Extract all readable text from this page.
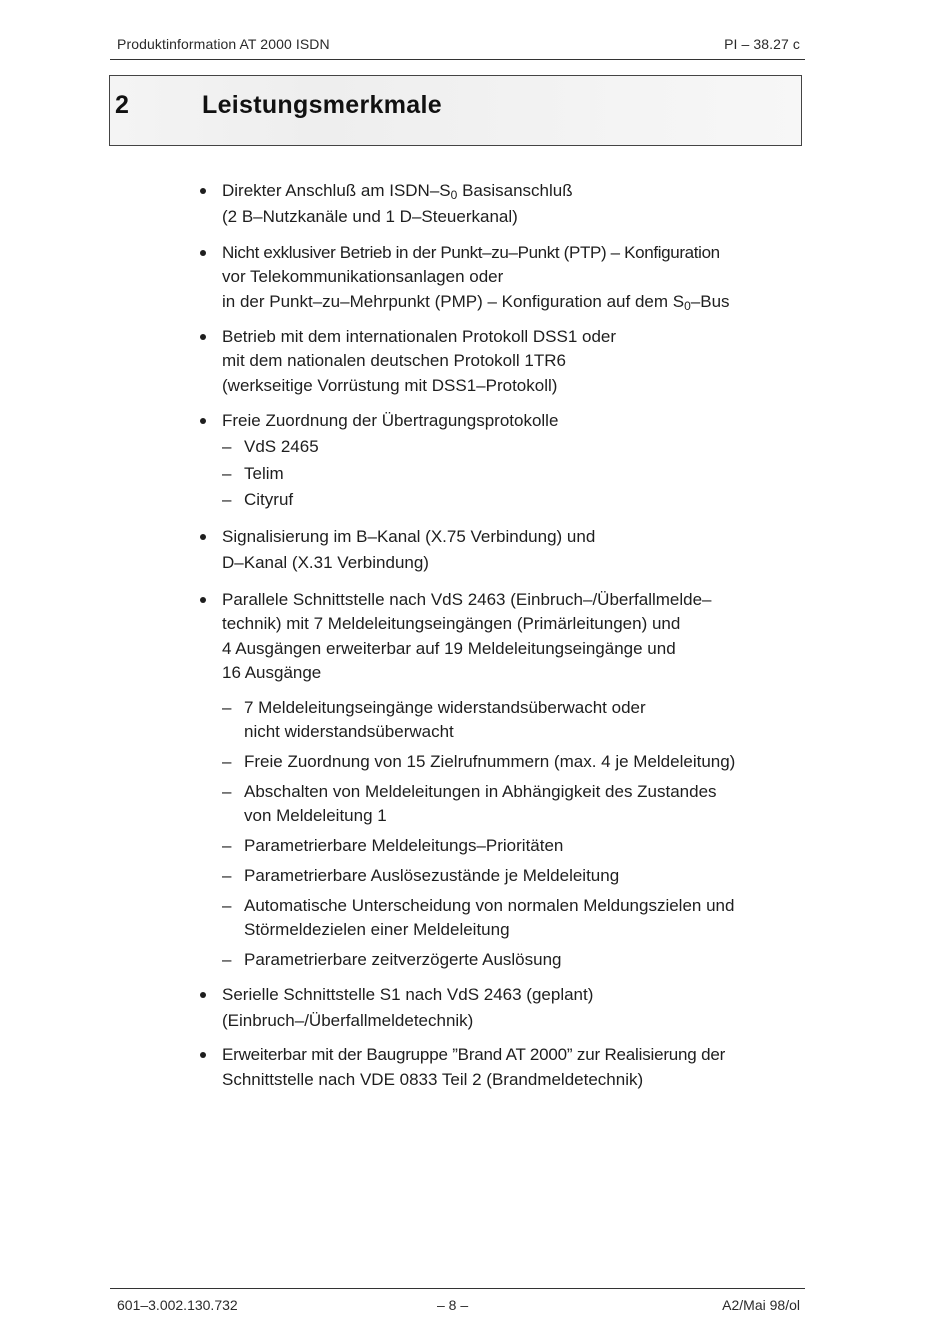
Produktinformation AT 2000 ISDN	PI – 38.27 c
2	Leistungsmerkmale
Direkter Anschluß am ISDN–$S_0$ Basisanschluß
(2 B–Nutzkanäle und 1 D–Steuerkanal)
Nicht exklusiver Betrieb in der Punkt–zu–Punkt (PTP) – Konfiguration
vor Telekommunikationsanlagen oder
in der Punkt–zu–Mehrpunkt (PMP) – Konfiguration auf dem $S_0$–Bus
Betrieb mit dem internationalen Protokoll DSS1 oder
mit dem nationalen deutschen Protokoll 1TR6
(werkseitige Vorrüstung mit DSS1–Protokoll)
Freie Zuordnung der Übertragungsprotokolle
– VdS 2465
– Telim
– Cityruf
Signalisierung im B–Kanal (X.75 Verbindung) und
D–Kanal (X.31 Verbindung)
Parallele Schnittstelle nach VdS 2463 (Einbruch–/Überfallmelde–
technik) mit 7 Meldeleitungseingängen (Primärleitungen) und
4 Ausgängen erweiterbar auf 19 Meldeleitungseingänge und
16 Ausgänge
– 7 Meldeleitungseingänge widerstandsüberwacht oder
nicht widerstandsüberwacht
– Freie Zuordnung von 15 Zielrufnummern (max. 4 je Meldeleitung)
– Abschalten von Meldeleitungen in Abhängigkeit des Zustandes
von Meldeleitung 1
– Parametrierbare Meldeleitungs–Prioritäten
– Parametrierbare Auslösezustände je Meldeleitung
– Automatische Unterscheidung von normalen Meldungszielen und
Störmeldezielen einer Meldeleitung
– Parametrierbare zeitverzögerte Auslösung
Serielle Schnittstelle S1 nach VdS 2463 (geplant)
(Einbruch–/Überfallmeldetechnik)
Erweiterbar mit der Baugruppe ”Brand AT 2000” zur Realisierung der
Schnittstelle nach VDE 0833 Teil 2 (Brandmeldetechnik)
601–3.002.130.732	– 8 –	A2/Mai 98/ol
